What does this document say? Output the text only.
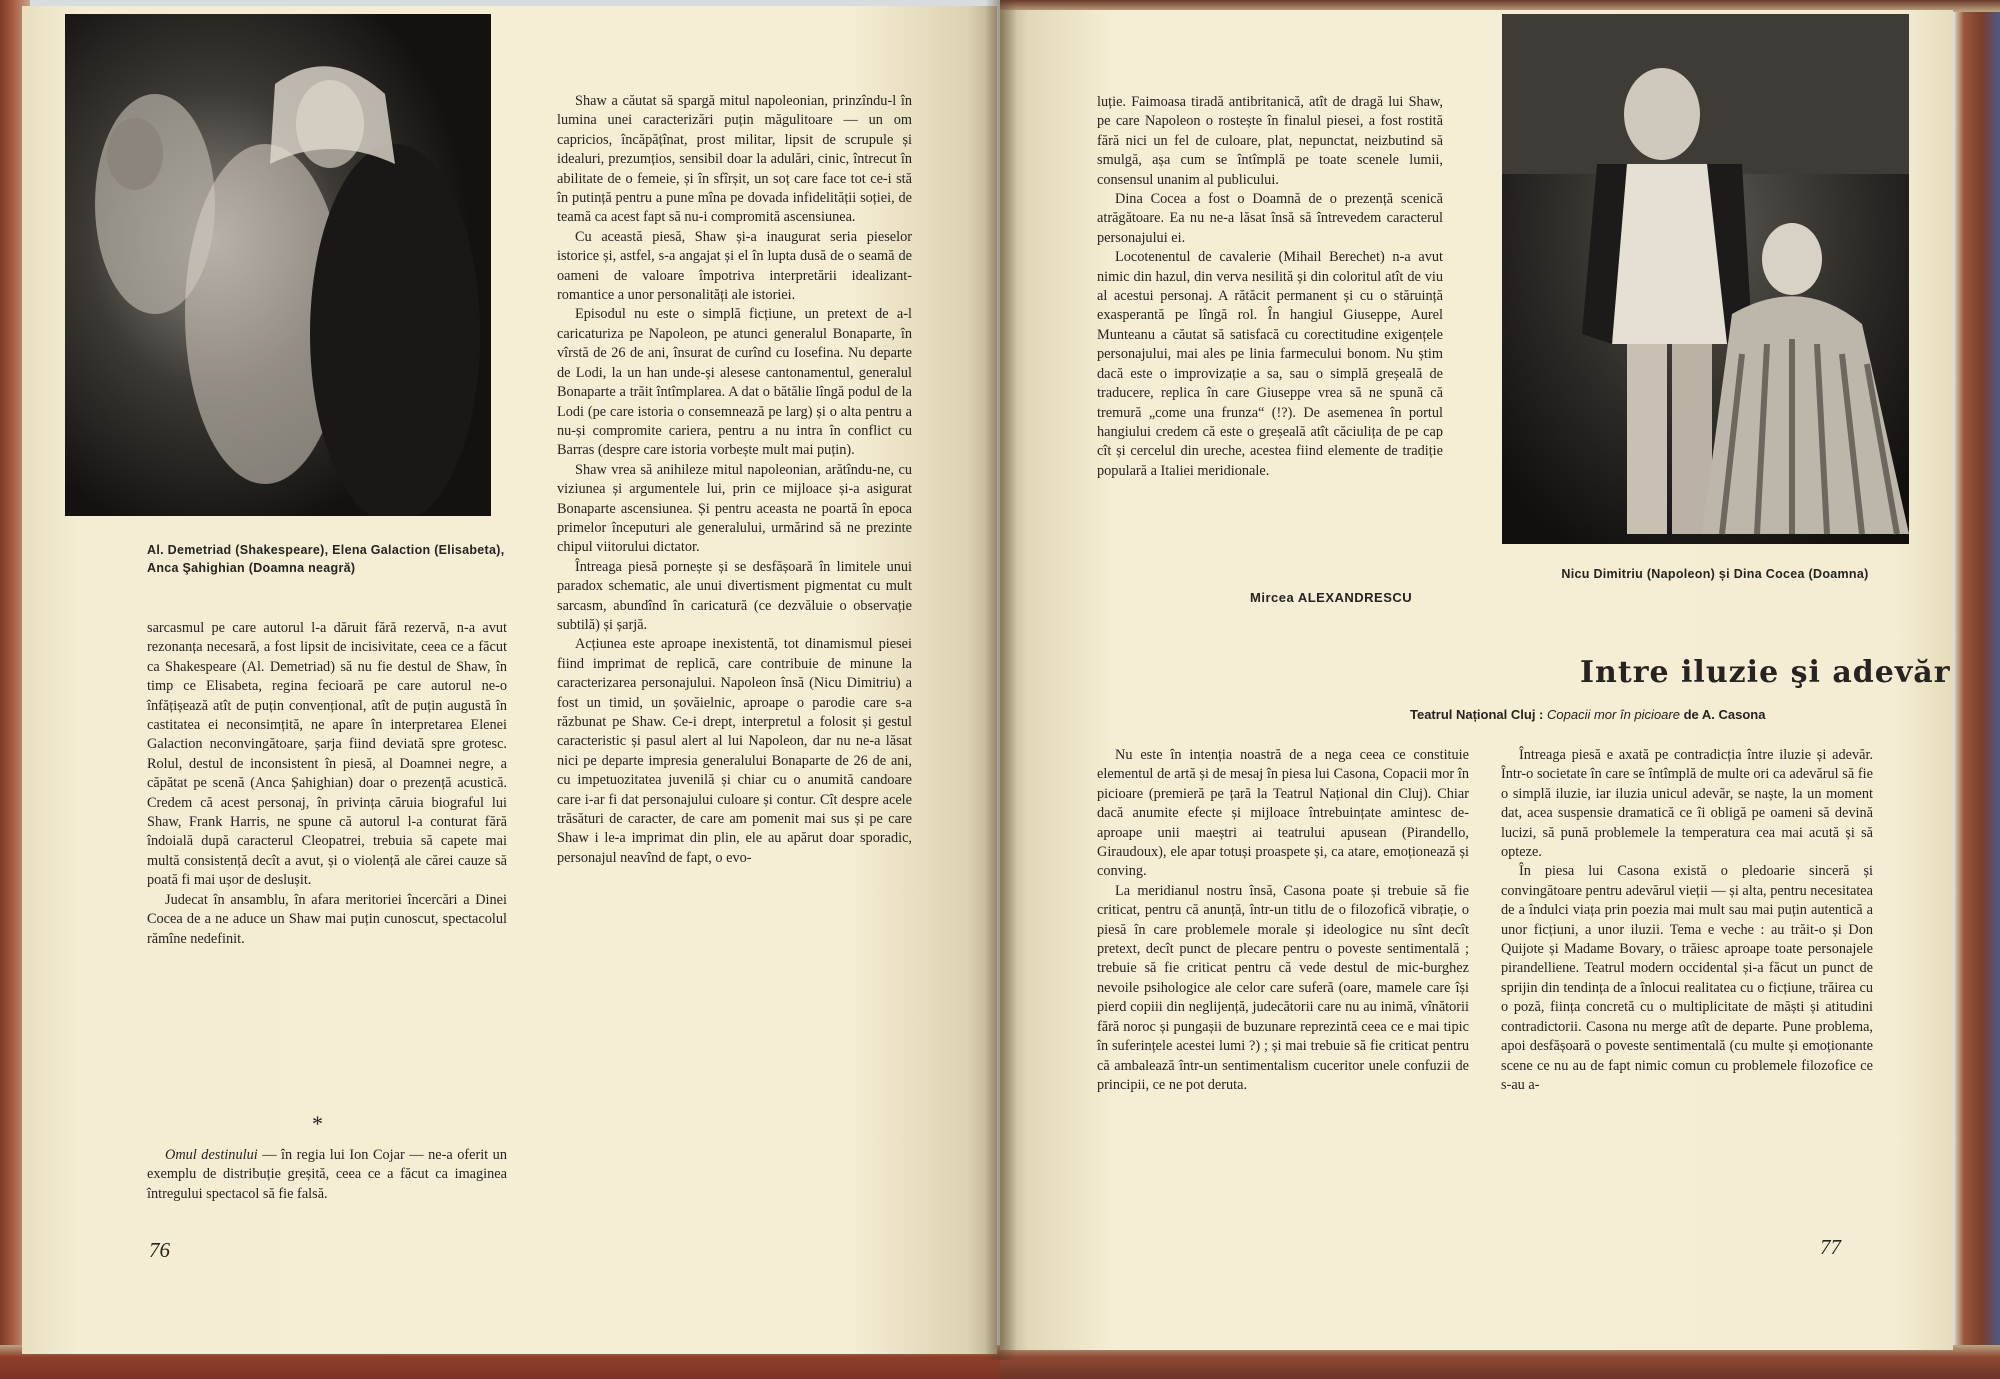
Al. Demetriad (Shakespeare), Elena Galaction (Elisabeta), Anca Şahighian (Doamna neagră)

sarcasmul pe care autorul l-a dăruit fără rezervă, n-a avut rezonanța necesară, a fost lipsit de incisivitate, ceea ce a făcut ca Shakespeare (Al. Demetriad) să nu fie destul de Shaw, în timp ce Elisabeta, regina fecioară pe care autorul ne-o înfățișează atît de puțin convențional, atît de puțin augustă în castitatea ei neconsimțită, ne apare în interpretarea Elenei Galaction neconvingătoare, șarja fiind deviată spre grotesc. Rolul, destul de inconsistent în piesă, al Doamnei negre, a căpătat pe scenă (Anca Șahighian) doar o prezență acustică. Credem că acest personaj, în privința căruia biograful lui Shaw, Frank Harris, ne spune că autorul l-a conturat fără îndoială după caracterul Cleopatrei, trebuia să capete mai multă consistență decît a avut, și o violență ale cărei cauze să poată fi mai ușor de deslușit.

Judecat în ansamblu, în afara meritoriei încercări a Dinei Cocea de a ne aduce un Shaw mai puțin cunoscut, spectacolul rămîne nedefinit.

*

Omul destinului — în regia lui Ion Cojar — ne-a oferit un exemplu de distribuție greșită, ceea ce a făcut ca imaginea întregului spectacol să fie falsă.

76

Shaw a căutat să spargă mitul napoleonian, prinzîndu-l în lumina unei caracterizări puțin măgulitoare — un om capricios, încăpățînat, prost militar, lipsit de scrupule și idealuri, prezumțios, sensibil doar la adulări, cinic, întrecut în abilitate de o femeie, și în sfîrșit, un soț care face tot ce-i stă în putință pentru a pune mîna pe dovada infidelității soției, de teamă ca acest fapt să nu-i compromită ascensiunea.

Cu această piesă, Shaw și-a inaugurat seria pieselor istorice și, astfel, s-a angajat și el în lupta dusă de o seamă de oameni de valoare împotriva interpretării idealizant-romantice a unor personalități ale istoriei.

Episodul nu este o simplă ficțiune, un pretext de a-l caricaturiza pe Napoleon, pe atunci generalul Bonaparte, în vîrstă de 26 de ani, însurat de curînd cu Iosefina. Nu departe de Lodi, la un han unde-și alesese cantonamentul, generalul Bonaparte a trăit întîmplarea. A dat o bătălie lîngă podul de la Lodi (pe care istoria o consemnează pe larg) și o alta pentru a nu-și compromite cariera, pentru a nu intra în conflict cu Barras (despre care istoria vorbește mult mai puțin).

Shaw vrea să anihileze mitul napoleonian, arătîndu-ne, cu viziunea și argumentele lui, prin ce mijloace și-a asigurat Bonaparte ascensiunea. Și pentru aceasta ne poartă în epoca primelor începuturi ale generalului, urmărind să ne prezinte chipul viitorului dictator.

Întreaga piesă pornește și se desfășoară în limitele unui paradox schematic, ale unui divertisment pigmentat cu mult sarcasm, abundînd în caricatură (ce dezvăluie o observație subtilă) și șarjă.

Acțiunea este aproape inexistentă, tot dinamismul piesei fiind imprimat de replică, care contribuie de minune la caracterizarea personajului. Napoleon însă (Nicu Dimitriu) a fost un timid, un șovăielnic, aproape o parodie care s-a răzbunat pe Shaw. Ce-i drept, interpretul a folosit și gestul caracteristic și pasul alert al lui Napoleon, dar nu ne-a lăsat nici pe departe impresia generalului Bonaparte de 26 de ani, cu impetuozitatea juvenilă și chiar cu o anumită candoare care i-ar fi dat personajului culoare și contur. Cît despre acele trăsături de caracter, de care am pomenit mai sus și pe care Shaw i le-a imprimat din plin, ele au apărut doar sporadic, personajul neavînd de fapt, o evo-

luție. Faimoasa tiradă antibritanică, atît de dragă lui Shaw, pe care Napoleon o rostește în finalul piesei, a fost rostită fără nici un fel de culoare, plat, nepunctat, neizbutind să smulgă, așa cum se întîmplă pe toate scenele lumii, consensul unanim al publicului.

Dina Cocea a fost o Doamnă de o prezență scenică atrăgătoare. Ea nu ne-a lăsat însă să întrevedem caracterul personajului ei.

Locotenentul de cavalerie (Mihail Berechet) n-a avut nimic din hazul, din verva nesilită și din coloritul atît de viu al acestui personaj. A rătăcit permanent și cu o stăruință exasperantă pe lîngă rol. În hangiul Giuseppe, Aurel Munteanu a căutat să satisfacă cu corectitudine exigențele personajului, mai ales pe linia farmecului bonom. Nu știm dacă este o improvizație a sa, sau o simplă greșeală de traducere, replica în care Giuseppe vrea să ne spună că tremură „come una frunza“ (!?). De asemenea în portul hangiului credem că este o greșeală atît căciulița de pe cap cît și cercelul din ureche, acestea fiind elemente de tradiție populară a Italiei meridionale.

Mircea ALEXANDRESCU
Nicu Dimitriu (Napoleon) și Dina Cocea (Doamna)
Intre iluzie şi adevăr
Teatrul Național Cluj : Copacii mor în picioare de A. Casona

Nu este în intenția noastră de a nega ceea ce constituie elementul de artă și de mesaj în piesa lui Casona, Copacii mor în picioare (premieră pe țară la Teatrul Național din Cluj). Chiar dacă anumite efecte și mijloace întrebuințate amintesc de-aproape unii maeștri ai teatrului apusean (Pirandello, Giraudoux), ele apar totuși proaspete și, ca atare, emoționează și conving.

La meridianul nostru însă, Casona poate și trebuie să fie criticat, pentru că anunță, într-un titlu de o filozofică vibrație, o piesă în care problemele morale și ideologice nu sînt decît pretext, decît punct de plecare pentru o poveste sentimentală ; trebuie să fie criticat pentru că vede destul de mic-burghez nevoile psihologice ale celor care suferă (oare, mamele care își pierd copiii din neglijență, judecătorii care nu au inimă, vînătorii fără noroc și pungașii de buzunare reprezintă ceea ce e mai tipic în suferințele acestei lumi ?) ; și mai trebuie să fie criticat pentru că ambalează într-un sentimentalism cuceritor unele confuzii de principii, ce ne pot deruta.

Întreaga piesă e axată pe contradicția între iluzie și adevăr. Într-o societate în care se întîmplă de multe ori ca adevărul să fie o simplă iluzie, iar iluzia unicul adevăr, se naște, la un moment dat, acea suspensie dramatică ce îi obligă pe oameni să devină lucizi, să pună problemele la temperatura cea mai acută și să opteze.

În piesa lui Casona există o pledoarie sinceră și convingătoare pentru adevărul vieții — și alta, pentru necesitatea de a îndulci viața prin poezia mai mult sau mai puțin autentică a unor ficțiuni, a unor iluzii. Tema e veche : au trăit-o și Don Quijote și Madame Bovary, o trăiesc aproape toate personajele pirandelliene. Teatrul modern occidental și-a făcut un punct de sprijin din tendința de a înlocui realitatea cu o ficțiune, trăirea cu o poză, ființa concretă cu o multiplicitate de măști și atitudini contradictorii. Casona nu merge atît de departe. Pune problema, apoi desfășoară o poveste sentimentală (cu multe și emoționante scene ce nu au de fapt nimic comun cu problemele filozofice ce s-au a-

77
